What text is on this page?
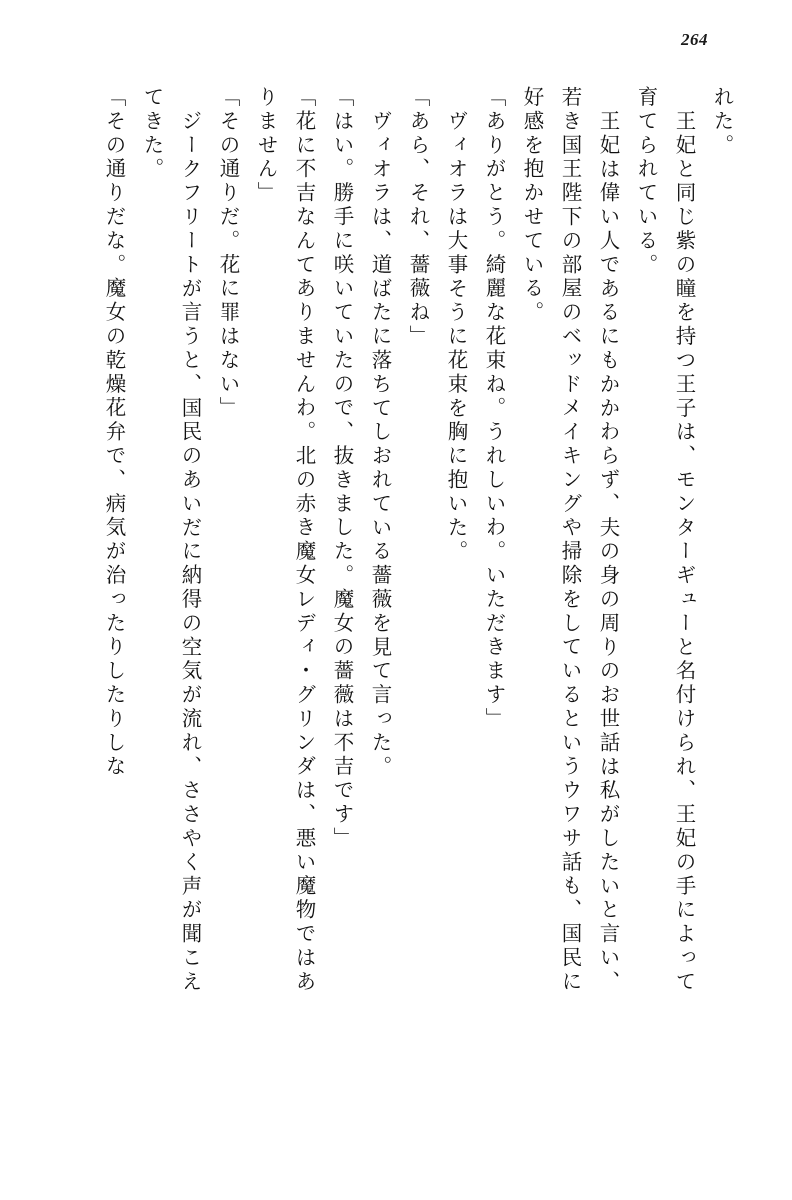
264
れた。
王妃と同じ紫の瞳を持つ王子は、モンターギューと名付けられ、王妃の手によって
育てられている。
王妃は偉い人であるにもかかわらず、夫の身の周りのお世話は私がしたいと言い、
若き国王陛下の部屋のベッドメイキングや掃除をしているというウワサ話も、国民に
好感を抱かせている。
「ありがとう。綺麗な花束ね。うれしいわ。いただきます」
ヴィオラは大事そうに花束を胸に抱いた。
「あら、それ、薔薇ね」
ヴィオラは、道ばたに落ちてしおれている薔薇を見て言った。
「はい。勝手に咲いていたので、抜きました。魔女の薔薇は不吉です」
「花に不吉なんてありませんわ。北の赤き魔女レディ・グリンダは、悪い魔物ではあ
りません」
「その通りだ。花に罪はない」
ジークフリートが言うと、国民のあいだに納得の空気が流れ、ささやく声が聞こえ
てきた。
「その通りだな。魔女の乾燥花弁で、病気が治ったりしたりしな
